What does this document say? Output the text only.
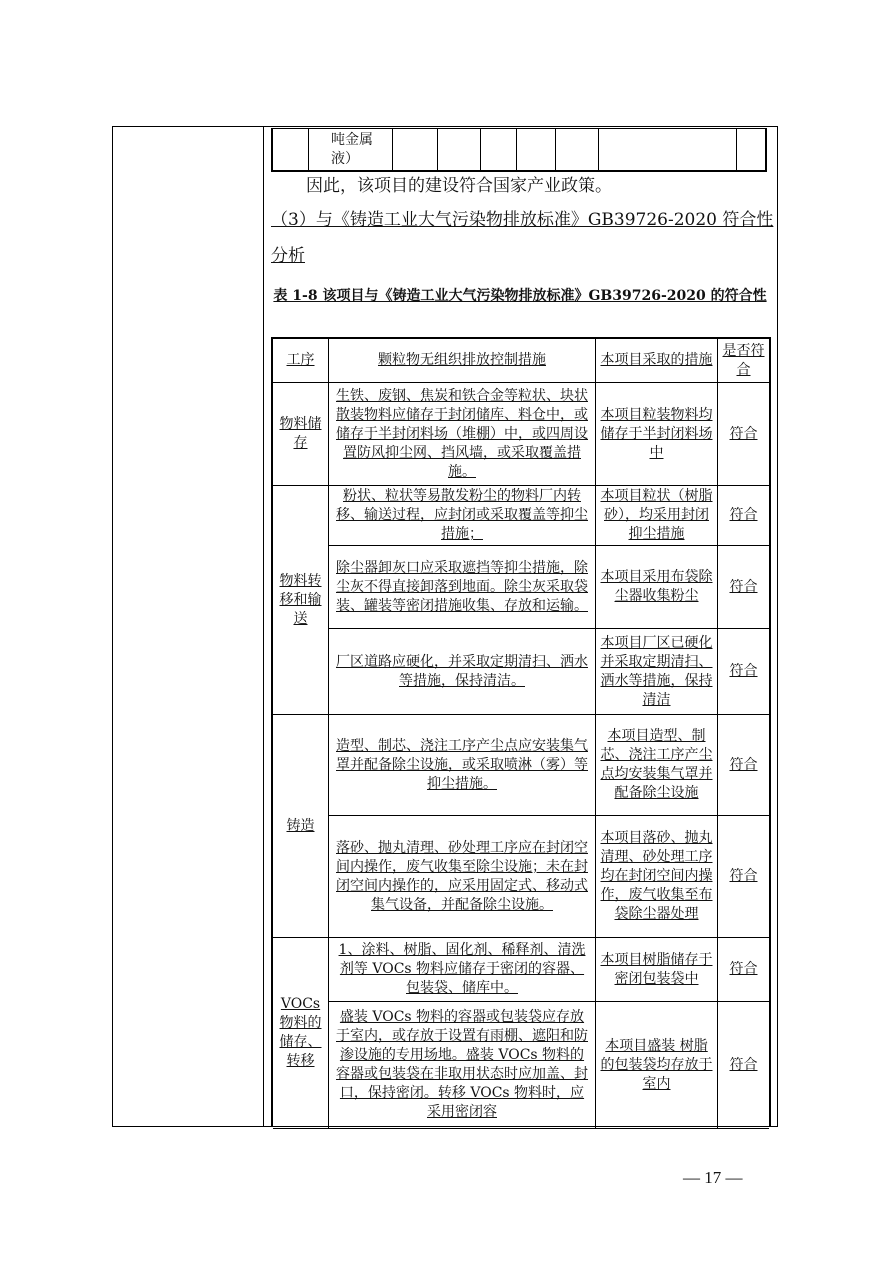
吨金属
液）
因此，该项目的建设符合国家产业政策。
（3）与《铸造工业大气污染物排放标准》GB39726-2020 符合性
分析
表 1-8 该项目与《铸造工业大气污染物排放标准》GB39726-2020 的符合性
工序	颗粒物无组织排放控制措施	本项目采取的措施
是否符合
物料储存
生铁、废钢、焦炭和铁合金等粒状、块状散装物料应储存于封闭储库、料仓中，或储存于半封闭料场（堆棚）中，或四周设置防风抑尘网、挡风墙，或采取覆盖措施。
本项目粒装物料均储存于半封闭料场中
符合
物料转移和输送
粉状、粒状等易散发粉尘的物料厂内转移、输送过程，应封闭或采取覆盖等抑尘措施；
本项目粒状（树脂砂），均采用封闭抑尘措施
符合
除尘器卸灰口应采取遮挡等抑尘措施，除尘灰不得直接卸落到地面。除尘灰采取袋装、罐装等密闭措施收集、存放和运输。
本项目采用布袋除尘器收集粉尘
符合
厂区道路应硬化，并采取定期清扫、洒水等措施，保持清洁。
本项目厂区已硬化并采取定期清扫、洒水等措施，保持清洁
符合
铸造
造型、制芯、浇注工序产尘点应安装集气罩并配备除尘设施，或采取喷淋（雾）等抑尘措施。
本项目造型、制芯、浇注工序产尘点均安装集气罩并配备除尘设施
符合
落砂、抛丸清理、砂处理工序应在封闭空间内操作，废气收集至除尘设施；未在封闭空间内操作的，应采用固定式、移动式集气设备，并配备除尘设施。
本项目落砂、抛丸清理、砂处理工序均在封闭空间内操作，废气收集至布袋除尘器处理
符合
VOCs物料的储存、转移
1、涂料、树脂、固化剂、稀释剂、清洗剂等 VOCs 物料应储存于密闭的容器、包装袋、储库中。
本项目树脂储存于密闭包装袋中
符合
盛装 VOCs 物料的容器或包装袋应存放于室内，或存放于设置有雨棚、遮阳和防渗设施的专用场地。盛装 VOCs 物料的容器或包装袋在非取用状态时应加盖、封口，保持密闭。转移 VOCs 物料时，应采用密闭容
本项目盛装 树脂的包装袋均存放于室内
符合
— 17 —
